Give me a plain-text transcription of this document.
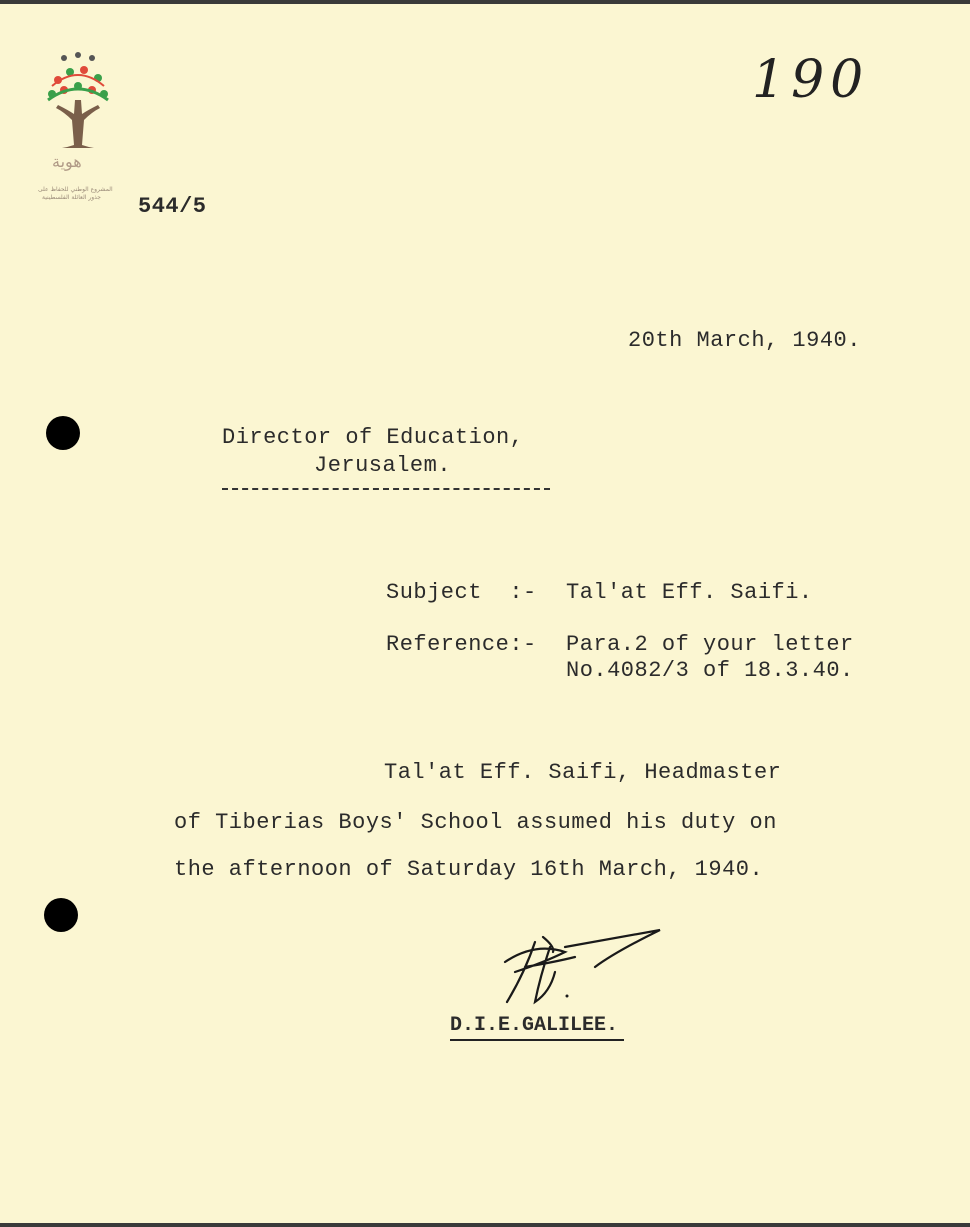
هوية
المشروع الوطني للحفاظ على
جذور العائلة الفلسطينية
190
544/5
20th March, 1940.
Director of Education,
Jerusalem.
Subject  :- Tal'at Eff. Saifi.
Reference:- Para.2 of your letter
No.4082/3 of 18.3.40.
Tal'at Eff. Saifi, Headmaster
of Tiberias Boys' School assumed his duty on
the afternoon of Saturday 16th March, 1940.
D.I.E.GALILEE.
